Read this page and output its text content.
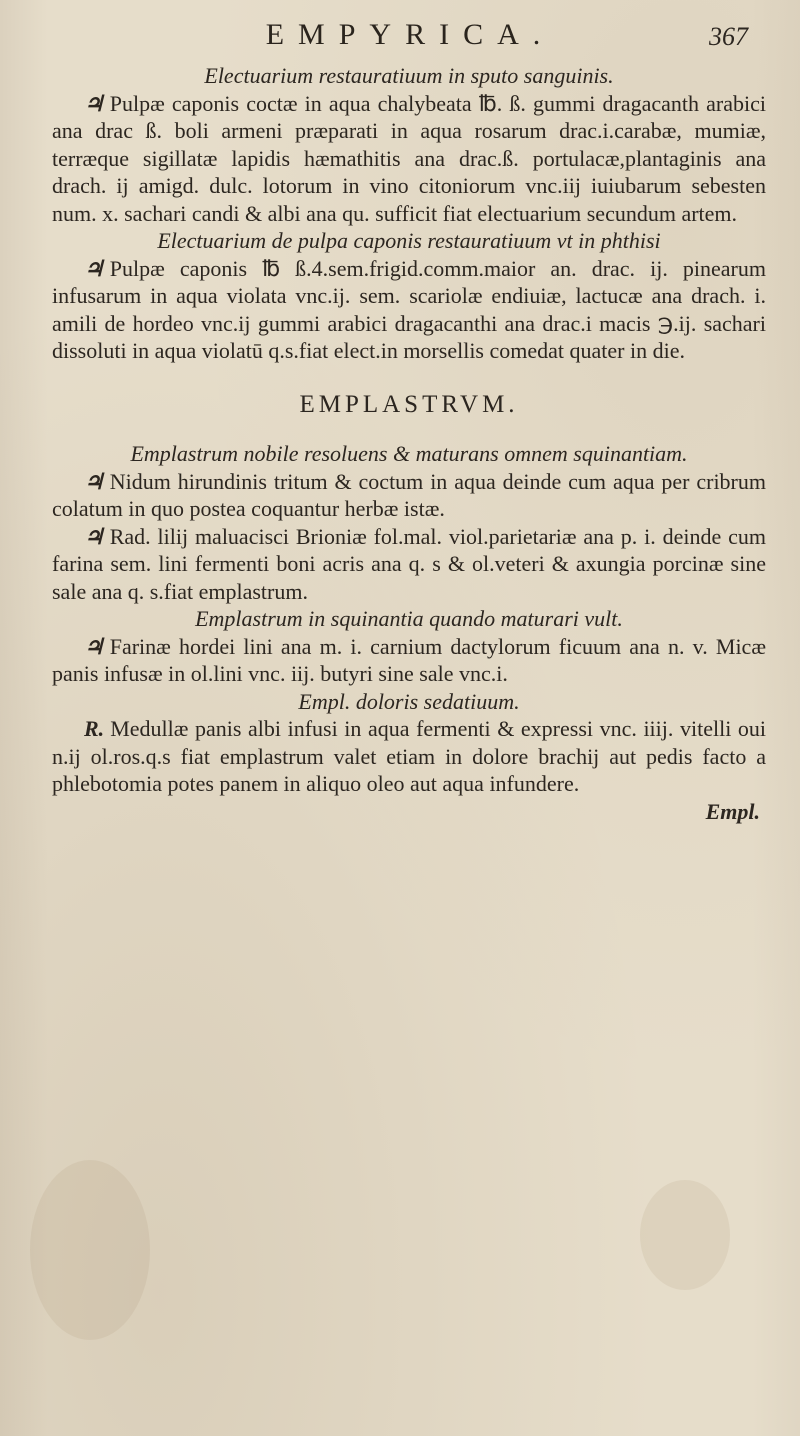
EMPYRICA.	367
Electuarium restauratiuum in sputo sanguinis.

♃ Pulpæ caponis coctæ in aqua chalybeata ℔. ß. gummi dragacanth arabici ana drac ß. boli armeni præparati in aqua rosarum drac.i.carabæ, mumiæ, terræque sigillatæ lapidis hæmathitis ana drac.ß. portulacæ,plantaginis ana drach. ij amigd. dulc. lotorum in vino citoniorum vnc.iij iuiubarum sebesten num. x. sachari candi & albi ana qu. sufficit fiat electuarium secundum artem.

Electuarium de pulpa caponis restauratiuum vt in phthisi

♃ Pulpæ caponis ℔ ß.4.sem.frigid.comm.maior an. drac. ij. pinearum infusarum in aqua violata vnc.ij. sem. scariolæ endiuiæ, lactucæ ana drach. i. amili de hordeo vnc.ij gummi arabici dragacanthi ana drac.i macis ℈.ij. sachari dissoluti in aqua violatū q.s.fiat elect.in morsellis comedat quater in die.

EMPLASTRVM.
Emplastrum nobile resoluens & maturans omnem squinantiam.

♃ Nidum hirundinis tritum & coctum in aqua deinde cum aqua per cribrum colatum in quo postea coquantur herbæ istæ.

♃ Rad. lilij maluacisci Brioniæ fol.mal. viol.parietariæ ana p. i. deinde cum farina sem. lini fermenti boni acris ana q. s & ol.veteri & axungia porcinæ sine sale ana q. s.fiat emplastrum.

Emplastrum in squinantia quando maturari vult.

♃ Farinæ hordei lini ana m. i. carnium dactylorum ficuum ana n. v. Micæ panis infusæ in ol.lini vnc. iij. butyri sine sale vnc.i.

Empl. doloris sedatiuum.

R. Medullæ panis albi infusi in aqua fermenti & expressi vnc. iiij. vitelli oui n.ij ol.ros.q.s fiat emplastrum valet etiam in dolore brachij aut pedis facto a phlebotomia potes panem in aliquo oleo aut aqua infundere.

Empl.
